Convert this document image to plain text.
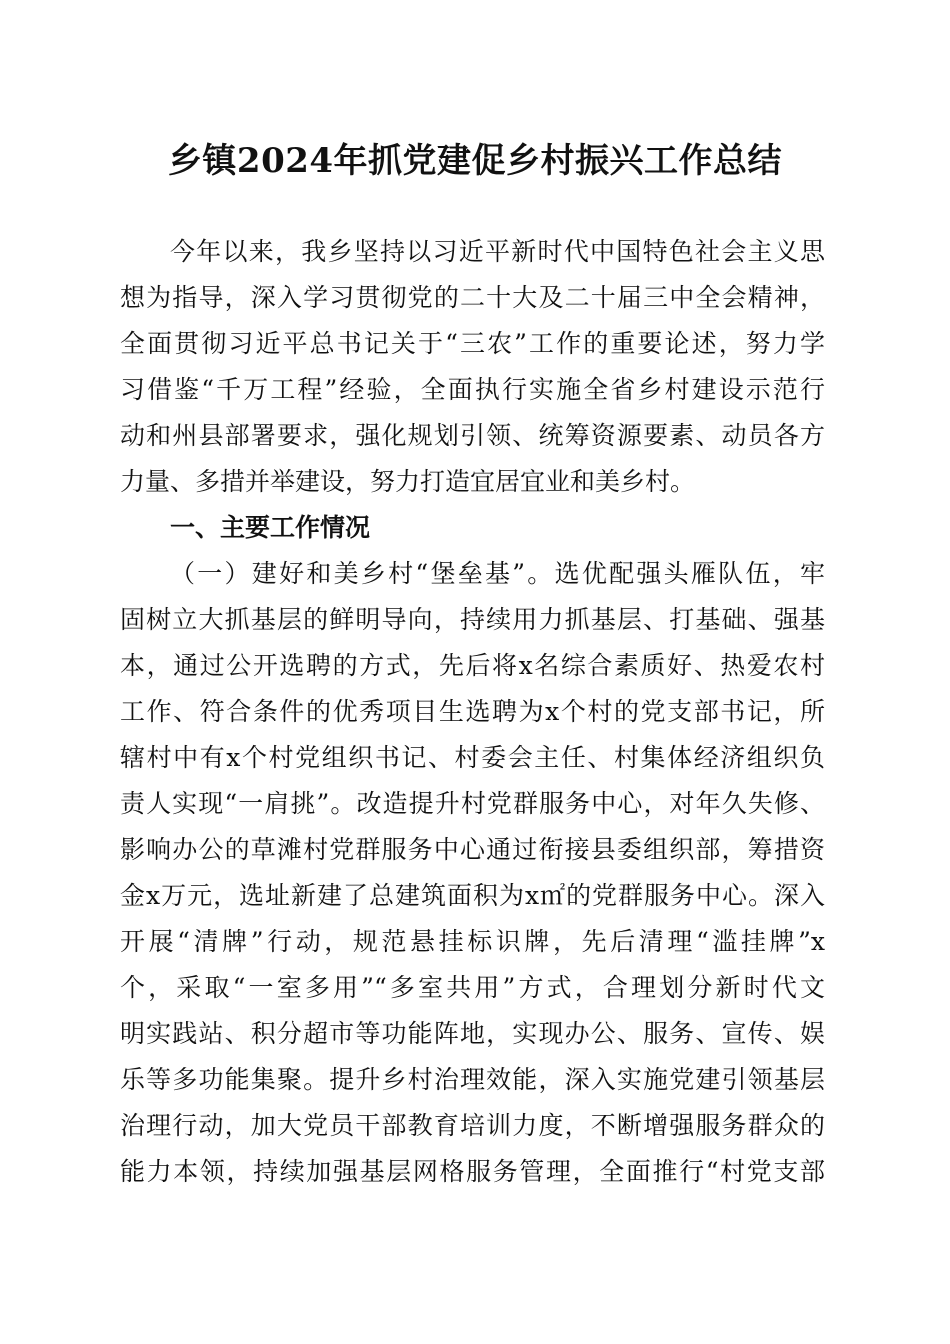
乡镇2024年抓党建促乡村振兴工作总结

今年以来，我乡坚持以习近平新时代中国特色社会主义思

想为指导，深入学习贯彻党的二十大及二十届三中全会精神，

全面贯彻习近平总书记关于“三农”工作的重要论述，努力学

习借鉴“千万工程”经验，全面执行实施全省乡村建设示范行

动和州县部署要求，强化规划引领、统筹资源要素、动员各方

力量、多措并举建设，努力打造宜居宜业和美乡村。

一、主要工作情况

（一）建好和美乡村“堡垒基”。选优配强头雁队伍，牢

固树立大抓基层的鲜明导向，持续用力抓基层、打基础、强基

本，通过公开选聘的方式，先后将x名综合素质好、热爱农村

工作、符合条件的优秀项目生选聘为x个村的党支部书记，所

辖村中有x个村党组织书记、村委会主任、村集体经济组织负

责人实现“一肩挑”。改造提升村党群服务中心，对年久失修、

影响办公的草滩村党群服务中心通过衔接县委组织部，筹措资

金x万元，选址新建了总建筑面积为x㎡的党群服务中心。深入

开展“清牌”行动，规范悬挂标识牌，先后清理“滥挂牌”x

个，采取“一室多用”“多室共用”方式，合理划分新时代文

明实践站、积分超市等功能阵地，实现办公、服务、宣传、娱

乐等多功能集聚。提升乡村治理效能，深入实施党建引领基层

治理行动，加大党员干部教育培训力度，不断增强服务群众的

能力本领，持续加强基层网格服务管理，全面推行“村党支部
